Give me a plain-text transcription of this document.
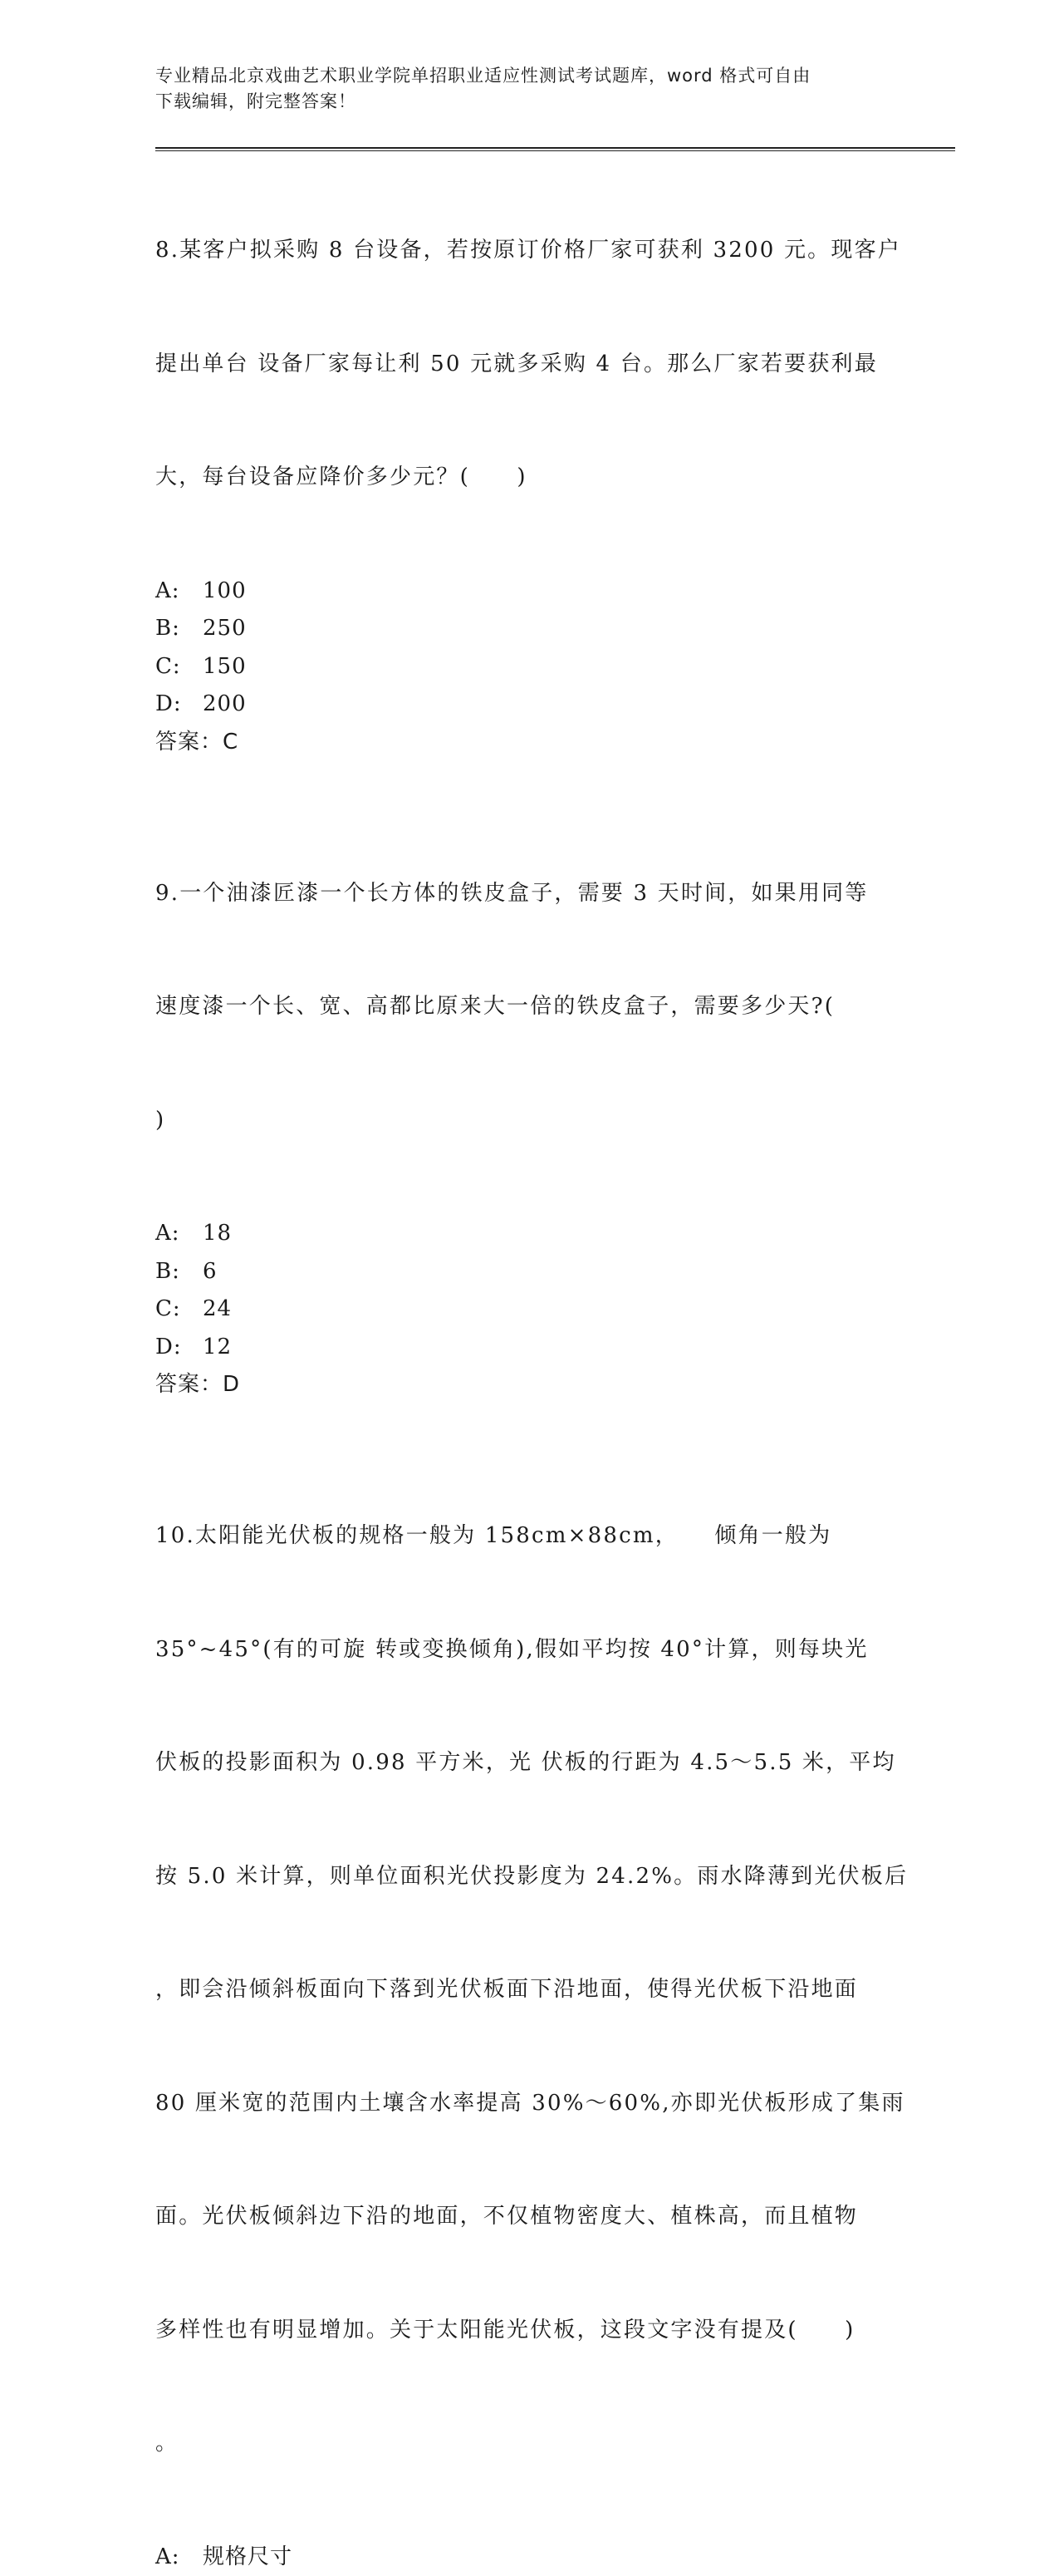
专业精品北京戏曲艺术职业学院单招职业适应性测试考试题库，word 格式可自由
下载编辑，附完整答案！

8.某客户拟采购 8 台设备，若按原订价格厂家可获利 3200 元。现客户

提出单台 设备厂家每让利 50 元就多采购 4 台。那么厂家若要获利最

大，每台设备应降价多少元？(　　)

A:	100
B:	250
C:	150
D: 200
答案：C

9.一个油漆匠漆一个长方体的铁皮盒子，需要 3 天时间，如果用同等

速度漆一个长、宽、高都比原来大一倍的铁皮盒子，需要多少天?(

)

A:	18
B:	6
C:	24
D: 12
答案：D

10.太阳能光伏板的规格一般为 158cm×88cm，　　倾角一般为

35°~45°(有的可旋 转或变换倾角),假如平均按 40°计算，则每块光

伏板的投影面积为 0.98 平方米，光 伏板的行距为 4.5～5.5 米，平均

按 5.0 米计算，则单位面积光伏投影度为 24.2%。雨水降薄到光伏板后

，即会沿倾斜板面向下落到光伏板面下沿地面，使得光伏板下沿地面

80 厘米宽的范围内土壤含水率提高 30%～60%,亦即光伏板形成了集雨

面。光伏板倾斜边下沿的地面，不仅植物密度大、植株高，而且植物

多样性也有明显增加。关于太阳能光伏板，这段文字没有提及(　　)

。

A:	规格尺寸
